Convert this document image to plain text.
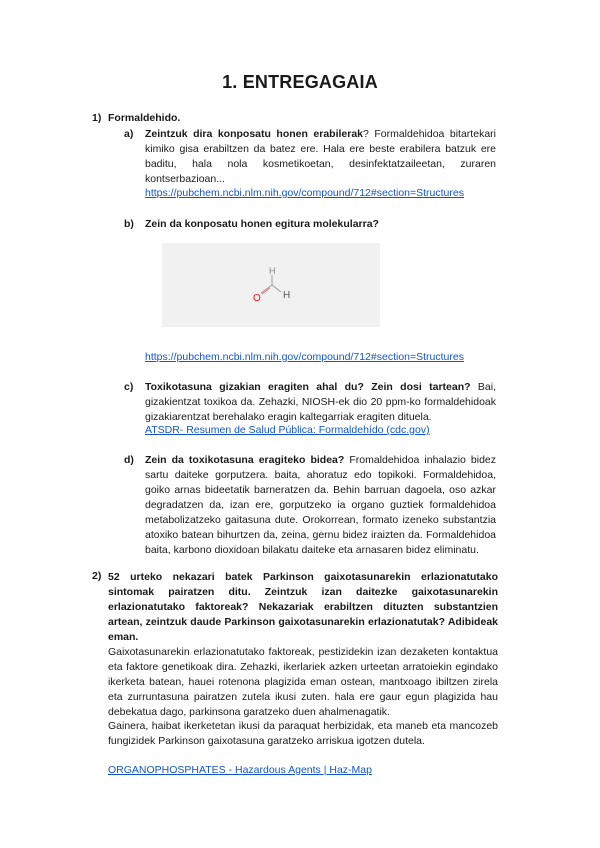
1. ENTREGAGAIA
1) Formaldehido.
a) Zeintzuk dira konposatu honen erabilerak? Formaldehidoa bitartekari kimiko gisa erabiltzen da batez ere. Hala ere beste erabilera batzuk ere baditu, hala nola kosmetikoetan, desinfektatzaileetan, zuraren kontserbazioan...
https://pubchem.ncbi.nlm.nih.gov/compound/712#section=Structures
b) Zein da konposatu honen egitura molekularra?
H
O H
https://pubchem.ncbi.nlm.nih.gov/compound/712#section=Structures
c) Toxikotasuna gizakian eragiten ahal du? Zein dosi tartean? Bai, gizakientzat toxikoa da. Zehazki, NIOSH-ek dio 20 ppm-ko formaldehidoak gizakiarentzat berehalako eragin kaltegarriak eragiten dituela.
ATSDR- Resumen de Salud Pública: Formaldehído (cdc.gov)
d) Zein da toxikotasuna eragiteko bidea? Fromaldehidoa inhalazio bidez sartu daiteke gorputzera. baita, ahoratuz edo topikoki. Formaldehidoa, goiko arnas bideetatik barneratzen da. Behin barruan dagoela, oso azkar degradatzen da, izan ere, gorputzeko ia organo guztiek formaldehidoa metabolizatzeko gaitasuna dute. Orokorrean, formato izeneko substantzia atoxiko batean bihurtzen da, zeina, gernu bidez iraizten da. Formaldehidoa baita, karbono dioxidoan bilakatu daiteke eta arnasaren bidez eliminatu.
2) 52 urteko nekazari batek Parkinson gaixotasunarekin erlazionatutako sintomak pairatzen ditu. Zeintzuk izan daitezke gaixotasunarekin erlazionatutako faktoreak? Nekazariak erabiltzen dituzten substantzien artean, zeintzuk daude Parkinson gaixotasunarekin erlazionatutak? Adibideak eman.
Gaixotasunarekin erlazionatutako faktoreak, pestizidekin izan dezaketen kontaktua eta faktore genetikoak dira. Zehazki, ikerlariek azken urteetan arratoiekin egindako ikerketa batean, hauei rotenona plagizida eman ostean, mantxoago ibiltzen zirela eta zurruntasuna pairatzen zutela ikusi zuten. hala ere gaur egun plagizida hau debekatua dago, parkinsona garatzeko duen ahalmenagatik.
Gainera, haibat ikerketetan ikusi da paraquat herbizidak, eta maneb eta mancozeb fungizidek Parkinson gaixotasuna garatzeko arriskua igotzen dutela.
ORGANOPHOSPHATES - Hazardous Agents | Haz-Map
